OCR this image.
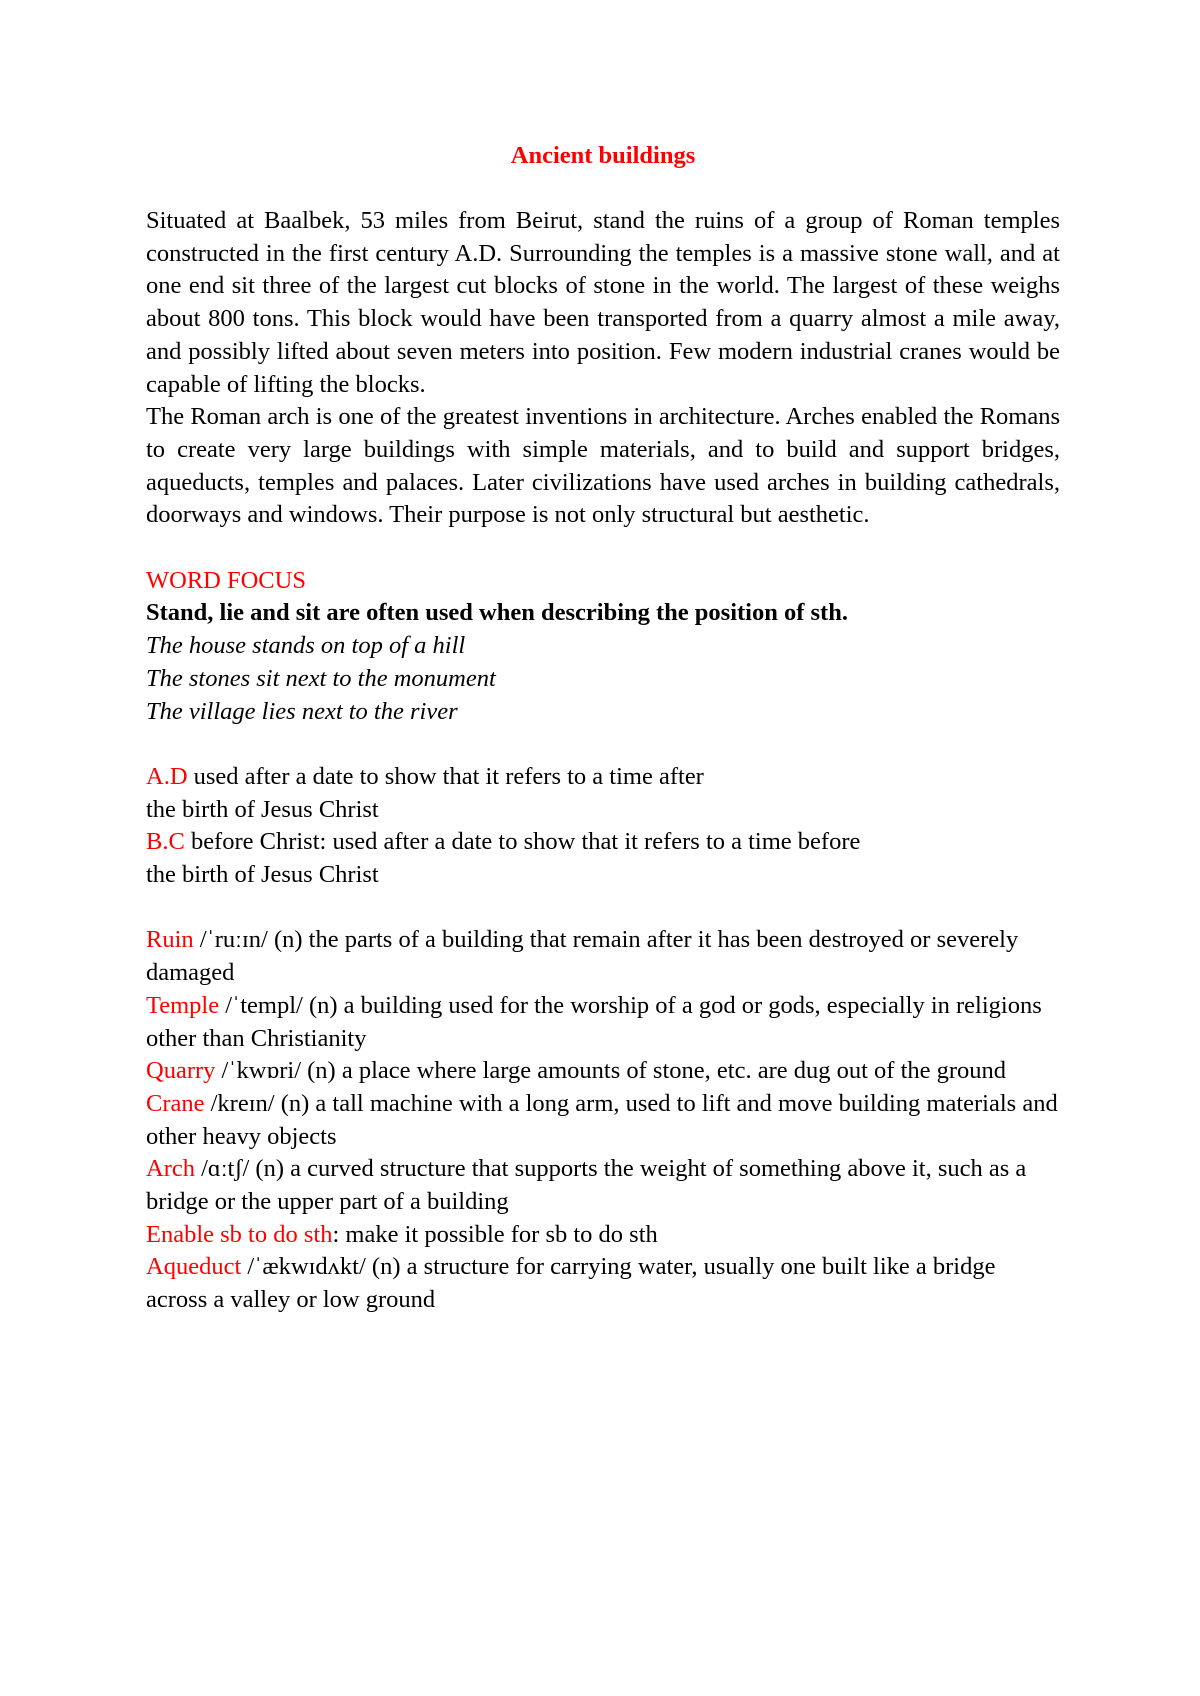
Ancient buildings

Situated at Baalbek, 53 miles from Beirut, stand the ruins of a group of Roman temples constructed in the first century A.D. Surrounding the temples is a massive stone wall, and at one end sit three of the largest cut blocks of stone in the world. The largest of these weighs about 800 tons. This block would have been transported from a quarry almost a mile away, and possibly lifted about seven meters into position. Few modern industrial cranes would be capable of lifting the blocks.

The Roman arch is one of the greatest inventions in architecture. Arches enabled the Romans to create very large buildings with simple materials, and to build and support bridges, aqueducts, temples and palaces. Later civilizations have used arches in building cathedrals, doorways and windows. Their purpose is not only structural but aesthetic.

WORD FOCUS

Stand, lie and sit are often used when describing the position of sth.

The house stands on top of a hill

The stones sit next to the monument

The village lies next to the river

A.D used after a date to show that it refers to a time after

the birth of Jesus Christ

B.C before Christ: used after a date to show that it refers to a time before

the birth of Jesus Christ

Ruin /ˈruːɪn/ (n) the parts of a building that remain after it has been destroyed or severely damaged

Temple /ˈtempl/ (n) a building used for the worship of a god or gods, especially in religions other than Christianity

Quarry /ˈkwɒri/ (n) a place where large amounts of stone, etc. are dug out of the ground

Crane /kreɪn/ (n) a tall machine with a long arm, used to lift and move building materials and other heavy objects

Arch /ɑːtʃ/ (n) a curved structure that supports the weight of something above it, such as a bridge or the upper part of a building

Enable sb to do sth: make it possible for sb to do sth

Aqueduct /ˈækwɪdʌkt/ (n) a structure for carrying water, usually one built like a bridge across a valley or low ground
